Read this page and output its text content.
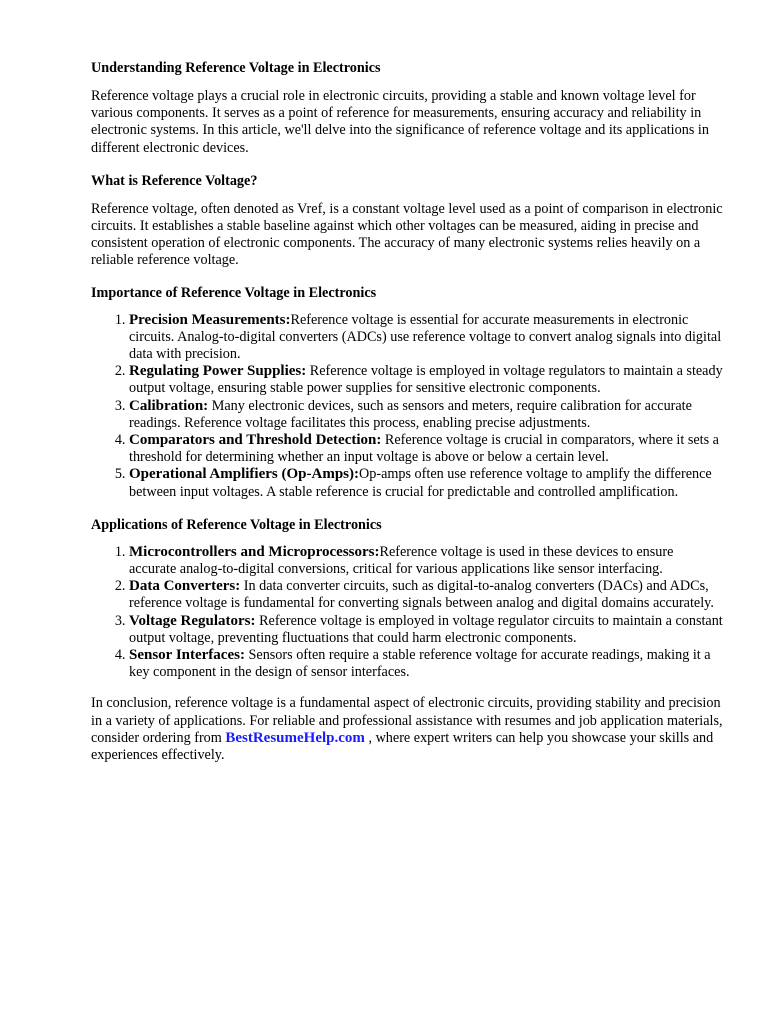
Understanding Reference Voltage in Electronics

Reference voltage plays a crucial role in electronic circuits, providing a stable and known voltage level for various components. It serves as a point of reference for measurements, ensuring accuracy and reliability in electronic systems. In this article, we'll delve into the significance of reference voltage and its applications in different electronic devices.

What is Reference Voltage?

Reference voltage, often denoted as Vref, is a constant voltage level used as a point of comparison in electronic circuits. It establishes a stable baseline against which other voltages can be measured, aiding in precise and consistent operation of electronic components. The accuracy of many electronic systems relies heavily on a reliable reference voltage.

Importance of Reference Voltage in Electronics
1. Precision Measurements:Reference voltage is essential for accurate measurements in electronic circuits. Analog-to-digital converters (ADCs) use reference voltage to convert analog signals into digital data with precision.
2. Regulating Power Supplies: Reference voltage is employed in voltage regulators to maintain a steady output voltage, ensuring stable power supplies for sensitive electronic components.
3. Calibration: Many electronic devices, such as sensors and meters, require calibration for accurate readings. Reference voltage facilitates this process, enabling precise adjustments.
4. Comparators and Threshold Detection: Reference voltage is crucial in comparators, where it sets a threshold for determining whether an input voltage is above or below a certain level.
5. Operational Amplifiers (Op-Amps):Op-amps often use reference voltage to amplify the difference between input voltages. A stable reference is crucial for predictable and controlled amplification.
Applications of Reference Voltage in Electronics
1. Microcontrollers and Microprocessors:Reference voltage is used in these devices to ensure accurate analog-to-digital conversions, critical for various applications like sensor interfacing.
2. Data Converters: In data converter circuits, such as digital-to-analog converters (DACs) and ADCs, reference voltage is fundamental for converting signals between analog and digital domains accurately.
3. Voltage Regulators: Reference voltage is employed in voltage regulator circuits to maintain a constant output voltage, preventing fluctuations that could harm electronic components.
4. Sensor Interfaces: Sensors often require a stable reference voltage for accurate readings, making it a key component in the design of sensor interfaces.

In conclusion, reference voltage is a fundamental aspect of electronic circuits, providing stability and precision in a variety of applications. For reliable and professional assistance with resumes and job application materials, consider ordering from BestResumeHelp.com , where expert writers can help you showcase your skills and experiences effectively.
